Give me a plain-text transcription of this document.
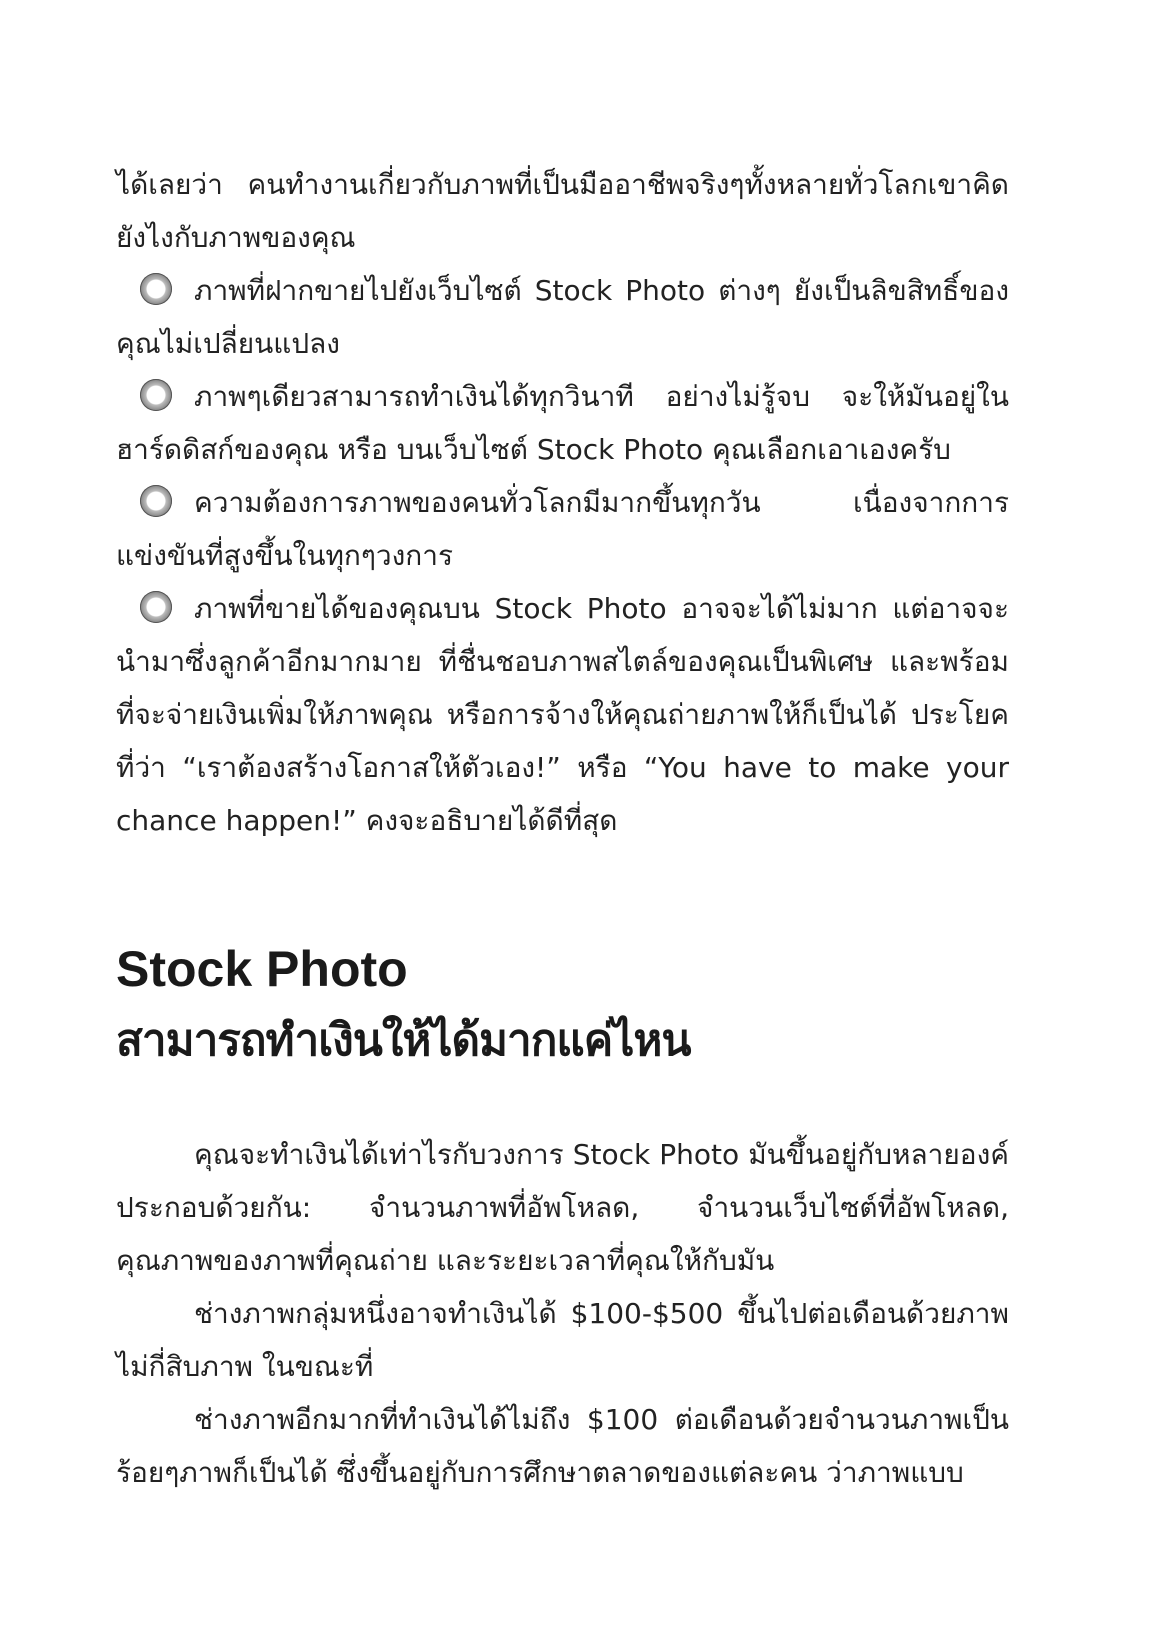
ได้เลยว่า คนทำงานเกี่ยวกับภาพที่เป็นมืออาชีพจริงๆทั้งหลายทั่วโลกเขาคิดยังไงกับภาพของคุณ

ภาพที่ฝากขายไปยังเว็บไซต์ Stock Photo ต่างๆ ยังเป็นลิขสิทธิ์ของคุณไม่เปลี่ยนแปลง

ภาพๆเดียวสามารถทำเงินได้ทุกวินาที อย่างไม่รู้จบ จะให้มันอยู่ในฮาร์ดดิสก์ของคุณ หรือ บนเว็บไซต์ Stock Photo คุณเลือกเอาเองครับ

ความต้องการภาพของคนทั่วโลกมีมากขึ้นทุกวัน เนื่องจากการแข่งขันที่สูงขึ้นในทุกๆวงการ

ภาพที่ขายได้ของคุณบน Stock Photo อาจจะได้ไม่มาก แต่อาจจะนำมาซึ่งลูกค้าอีกมากมาย ที่ชื่นชอบภาพสไตล์ของคุณเป็นพิเศษ และพร้อมที่จะจ่ายเงินเพิ่มให้ภาพคุณ หรือการจ้างให้คุณถ่ายภาพให้ก็เป็นได้ ประโยคที่ว่า “เราต้องสร้างโอกาสให้ตัวเอง!” หรือ “You have to make your chance happen!” คงจะอธิบายได้ดีที่สุด

Stock Photo
สามารถทำเงินให้ได้มากแค่ไหน

คุณจะทำเงินได้เท่าไรกับวงการ Stock Photo มันขึ้นอยู่กับหลายองค์ประกอบด้วยกัน: จำนวนภาพที่อัพโหลด, จำนวนเว็บไซต์ที่อัพโหลด, คุณภาพของภาพที่คุณถ่าย และระยะเวลาที่คุณให้กับมัน

ช่างภาพกลุ่มหนึ่งอาจทำเงินได้ $100-$500 ขึ้นไปต่อเดือนด้วยภาพไม่กี่สิบภาพ ในขณะที่

ช่างภาพอีกมากที่ทำเงินได้ไม่ถึง $100 ต่อเดือนด้วยจำนวนภาพเป็นร้อยๆภาพก็เป็นได้ ซึ่งขึ้นอยู่กับการศึกษาตลาดของแต่ละคน ว่าภาพแบบ
